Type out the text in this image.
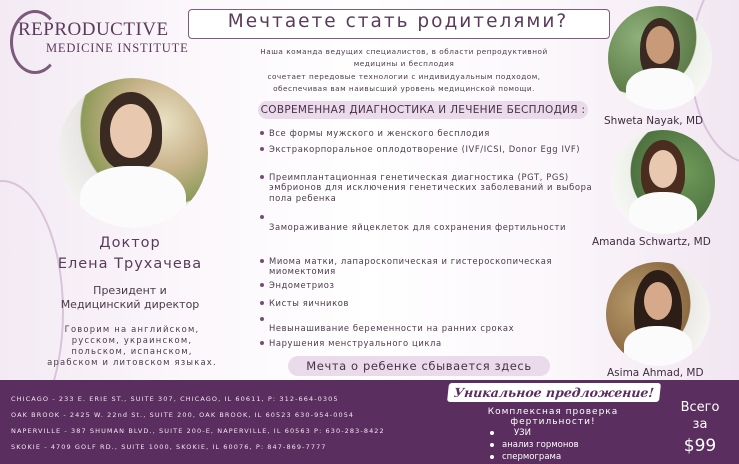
REPRODUCTIVE
MEDICINE INSTITUTE
Мечтаете стать родителями?
Наша команда ведущих специалистов, в области репродуктивной
медицины и бесплодия
сочетает передовые технологии с индивидуальным подходом,
обеспечивая вам наивысший уровень медицинской помощи.
СОВРЕМЕННАЯ ДИАГНОСТИКА И ЛЕЧЕНИЕ БЕСПЛОДИЯ :
Все формы мужского и женского бесплодия
Экстракорпоральное оплодотворение (IVF/ICSI, Donor Egg IVF)
Преимплантационная генетическая диагностика (PGT, PGS) эмбрионов для исключения генетических заболеваний и выбора пола ребенка
Замораживание яйцеклеток для сохранения фертильности
Миома матки, лапароскопическая и гистероскопическая миомектомия
Эндометриоз
Кисты яичников
Невынашивание беременности на ранних сроках
Нарушения менструального цикла
Доктор
Елена Трухачева
Президент и
Медицинский директор
Говорим на английском,
русском, украинском,
польском, испанском,
арабском и литовском языках.
Shweta Nayak, MD
Amanda Schwartz, MD
Asima Ahmad, MD
Мечта о ребенке сбывается здесь
CHICAGO - 233 E. ERIE ST., SUITE 307, CHICAGO, IL 60611, P: 312-664-0305
OAK BROOK - 2425 W. 22nd St., SUITE 200, OAK BROOK, IL 60523 630-954-0054
NAPERVILLE - 387 SHUMAN BLVD., SUITE 200-E, NAPERVILLE, IL 60563 P: 630-283-8422
SKOKIE - 4709 GOLF RD., SUITE 1000, SKOKIE, IL 60076, P: 847-869-7777
Уникальное предложение!
Комплексная проверка
фертильности!
УЗИ
анализ гормонов
спермограма
Всего
за
$99
